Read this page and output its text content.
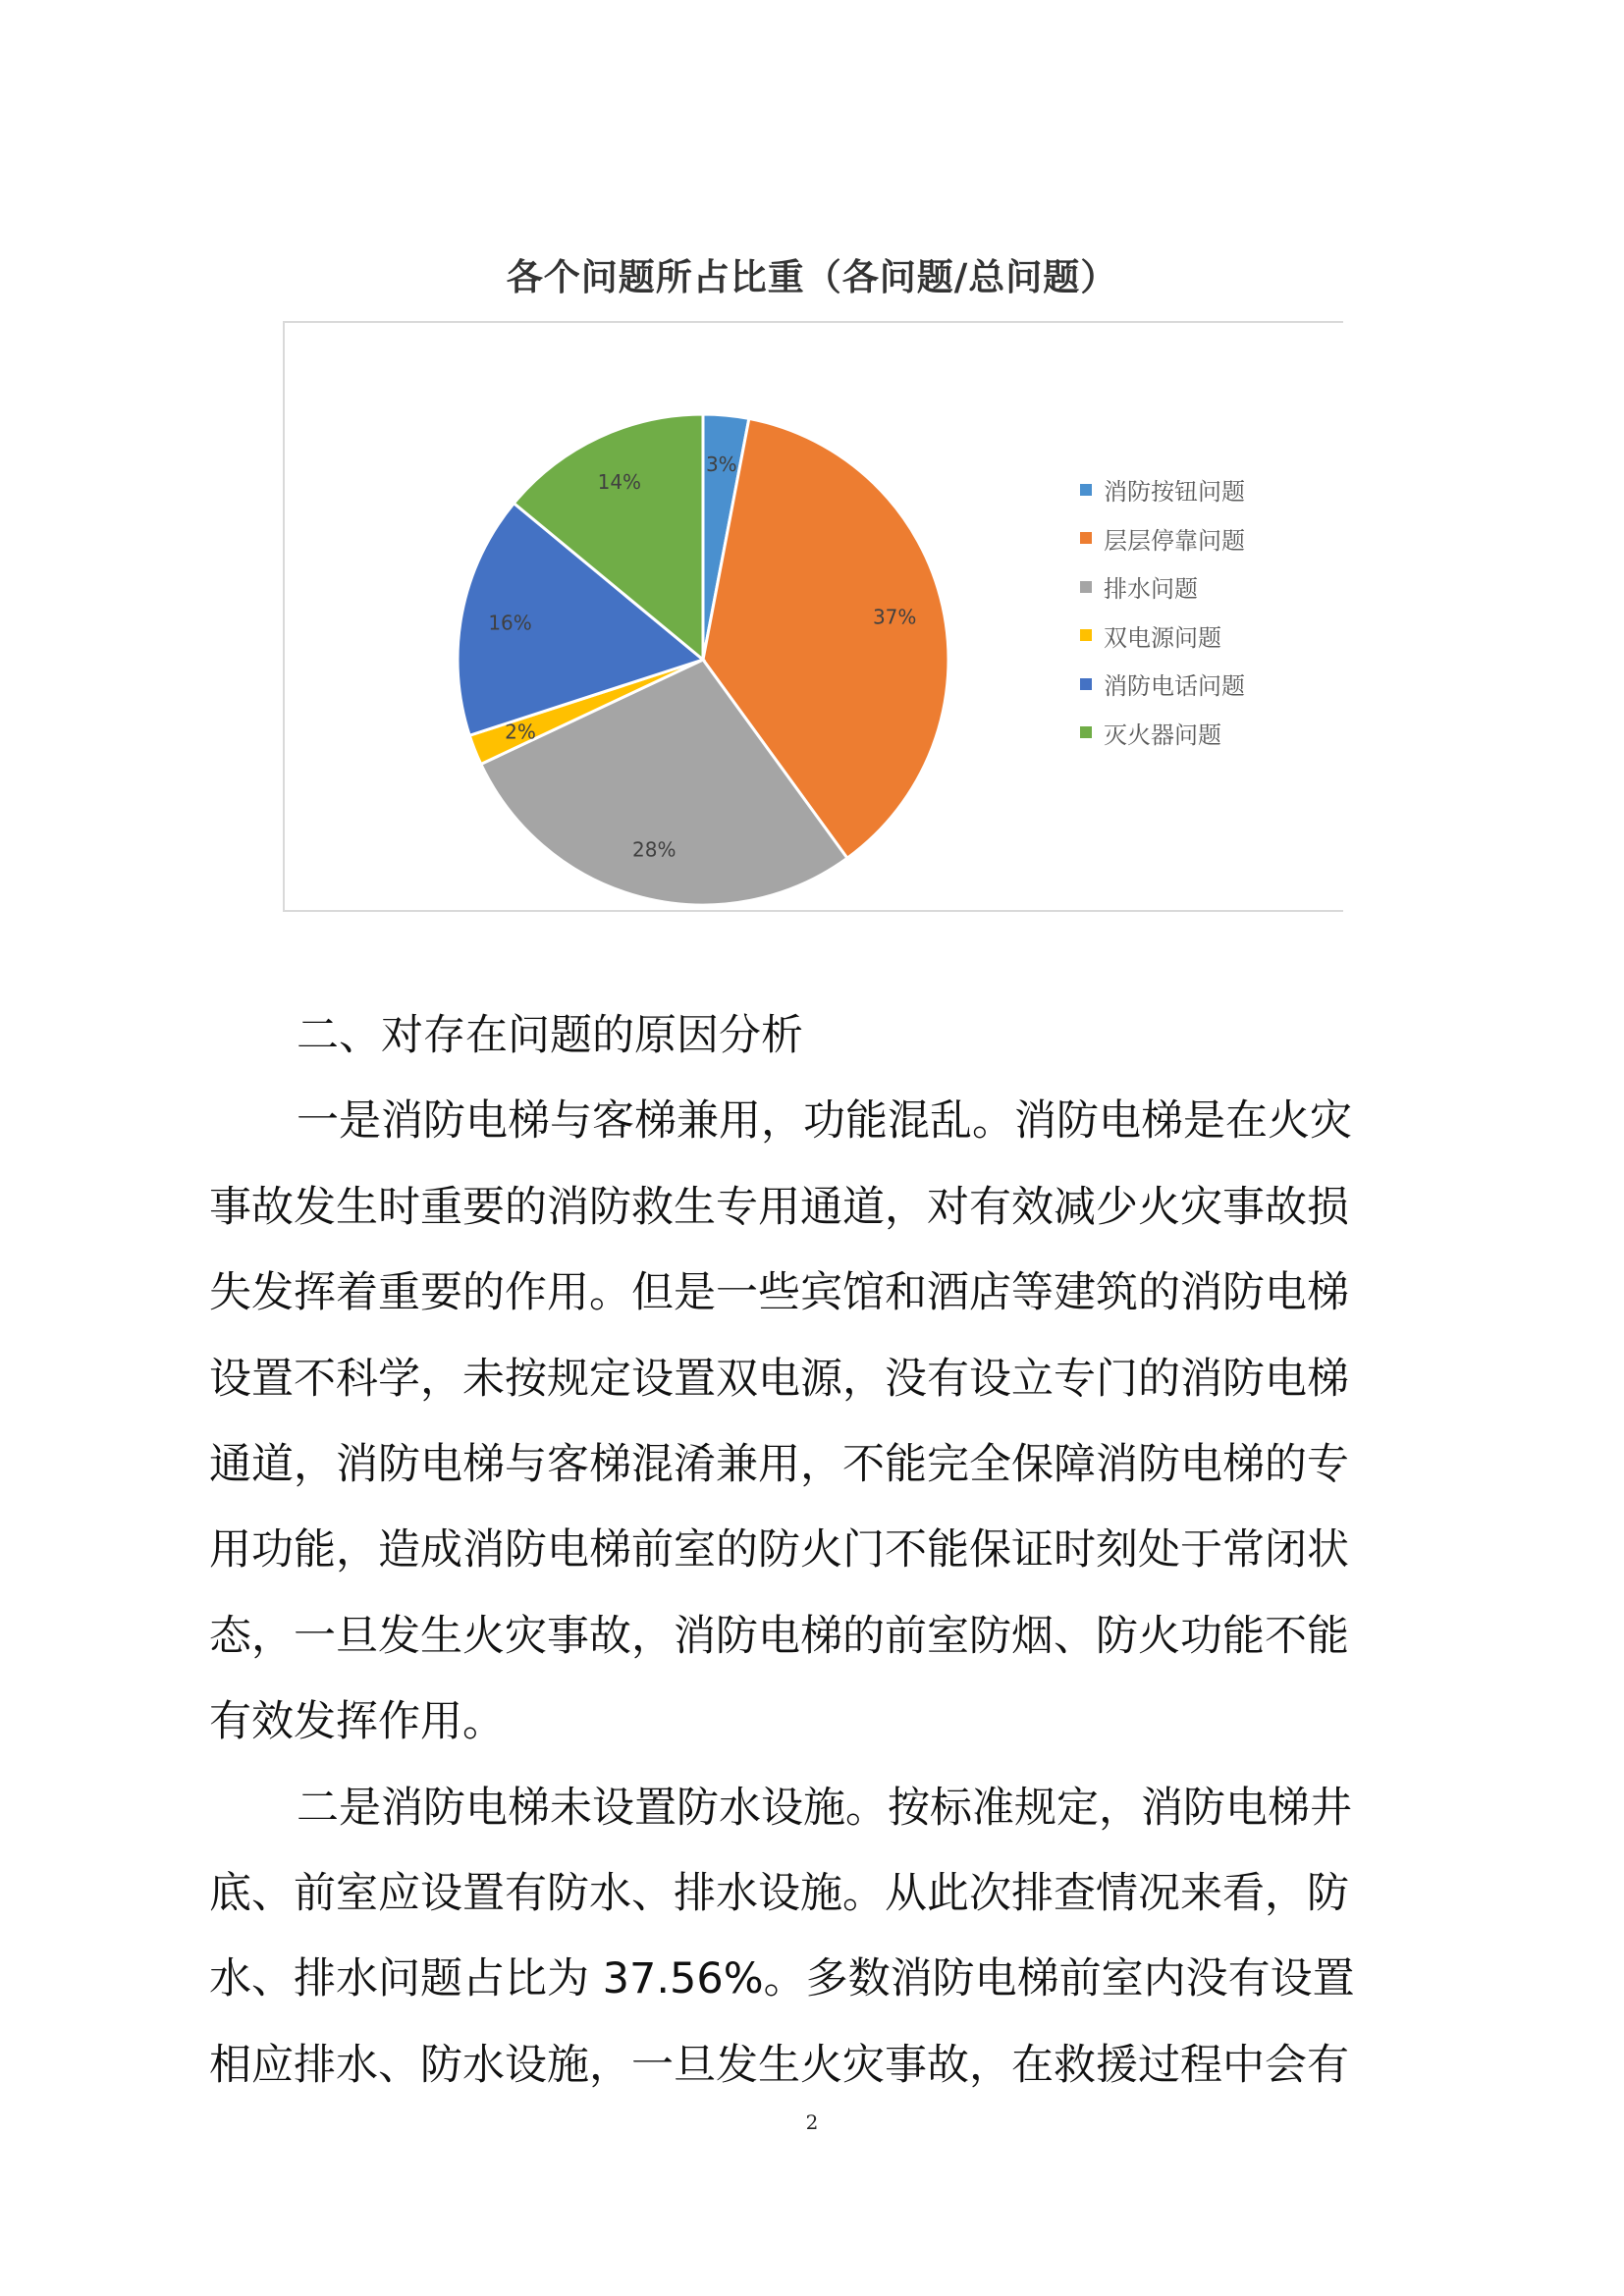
各个问题所占比重（各问题/总问题）
3%
37%
28%
2%
16%
14%	消防按钮问题
层层停靠问题
排水问题
双电源问题
消防电话问题
灭火器问题

二、对存在问题的原因分析

一是消防电梯与客梯兼用，功能混乱。消防电梯是在火灾

事故发生时重要的消防救生专用通道，对有效减少火灾事故损

失发挥着重要的作用。但是一些宾馆和酒店等建筑的消防电梯

设置不科学，未按规定设置双电源，没有设立专门的消防电梯

通道，消防电梯与客梯混淆兼用，不能完全保障消防电梯的专

用功能，造成消防电梯前室的防火门不能保证时刻处于常闭状

态，一旦发生火灾事故，消防电梯的前室防烟、防火功能不能

有效发挥作用。

二是消防电梯未设置防水设施。按标准规定，消防电梯井

底、前室应设置有防水、排水设施。从此次排查情况来看，防

水、排水问题占比为 37.56%。多数消防电梯前室内没有设置

相应排水、防水设施，一旦发生火灾事故，在救援过程中会有

2
